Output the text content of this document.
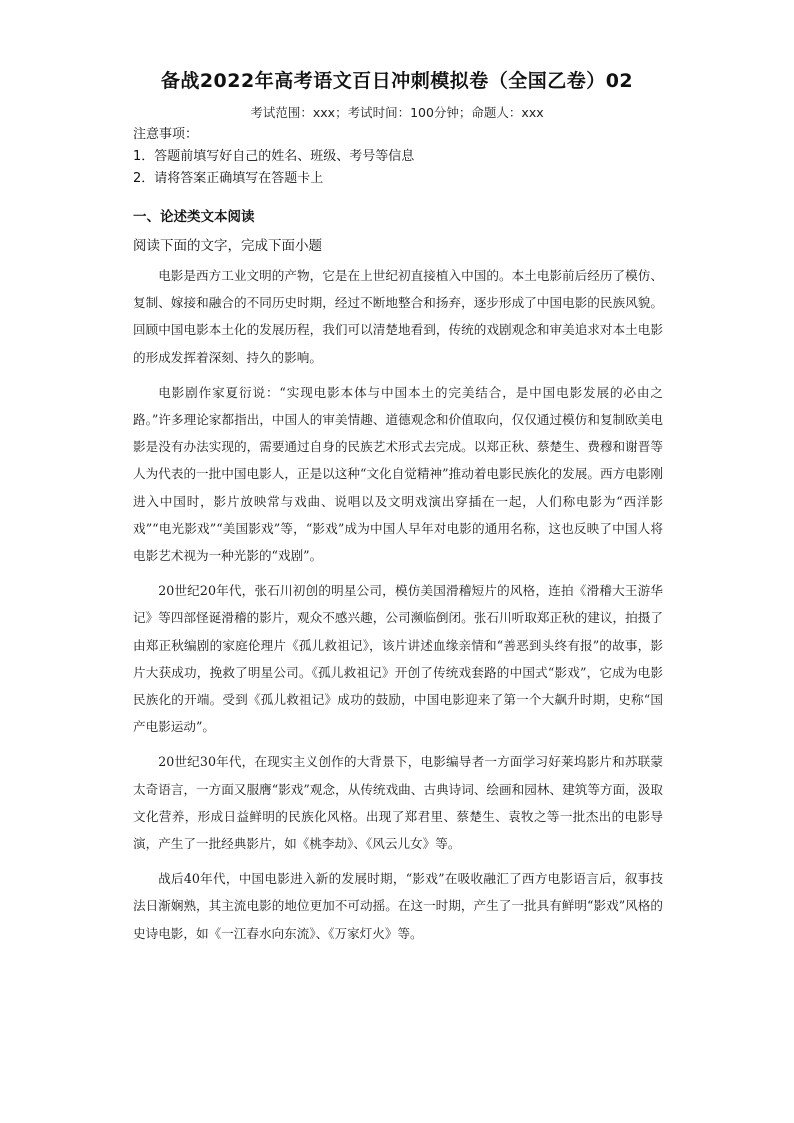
备战2022年高考语文百日冲刺模拟卷（全国乙卷）02
考试范围：xxx；考试时间：100分钟；命题人：xxx
注意事项：
1．答题前填写好自己的姓名、班级、考号等信息
2．请将答案正确填写在答题卡上
一、论述类文本阅读
阅读下面的文字，完成下面小题

电影是西方工业文明的产物，它是在上世纪初直接植入中国的。本土电影前后经历了模仿、复制、嫁接和融合的不同历史时期，经过不断地整合和扬弃，逐步形成了中国电影的民族风貌。回顾中国电影本土化的发展历程，我们可以清楚地看到，传统的戏剧观念和审美追求对本土电影的形成发挥着深刻、持久的影响。

电影剧作家夏衍说：“实现电影本体与中国本土的完美结合，是中国电影发展的必由之路。”许多理论家都指出，中国人的审美情趣、道德观念和价值取向，仅仅通过模仿和复制欧美电影是没有办法实现的，需要通过自身的民族艺术形式去完成。以郑正秋、蔡楚生、费穆和谢晋等人为代表的一批中国电影人，正是以这种“文化自觉精神”推动着电影民族化的发展。西方电影刚进入中国时，影片放映常与戏曲、说唱以及文明戏演出穿插在一起，人们称电影为“西洋影戏”“电光影戏”“美国影戏”等，“影戏”成为中国人早年对电影的通用名称，这也反映了中国人将电影艺术视为一种光影的“戏剧”。

20世纪20年代，张石川初创的明星公司，模仿美国滑稽短片的风格，连拍《滑稽大王游华记》等四部怪诞滑稽的影片，观众不感兴趣，公司濒临倒闭。张石川听取郑正秋的建议，拍摄了由郑正秋编剧的家庭伦理片《孤儿救祖记》，该片讲述血缘亲情和“善恶到头终有报”的故事，影片大获成功，挽救了明星公司。《孤儿救祖记》开创了传统戏套路的中国式“影戏”，它成为电影民族化的开端。受到《孤儿救祖记》成功的鼓励，中国电影迎来了第一个大飙升时期，史称“国产电影运动”。

20世纪30年代，在现实主义创作的大背景下，电影编导者一方面学习好莱坞影片和苏联蒙太奇语言，一方面又服膺“影戏”观念，从传统戏曲、古典诗词、绘画和园林、建筑等方面，汲取文化营养，形成日益鲜明的民族化风格。出现了郑君里、蔡楚生、袁牧之等一批杰出的电影导演，产生了一批经典影片，如《桃李劫》、《风云儿女》等。

战后40年代，中国电影进入新的发展时期，“影戏”在吸收融汇了西方电影语言后，叙事技法日渐娴熟，其主流电影的地位更加不可动摇。在这一时期，产生了一批具有鲜明“影戏”风格的史诗电影，如《一江春水向东流》、《万家灯火》等。
